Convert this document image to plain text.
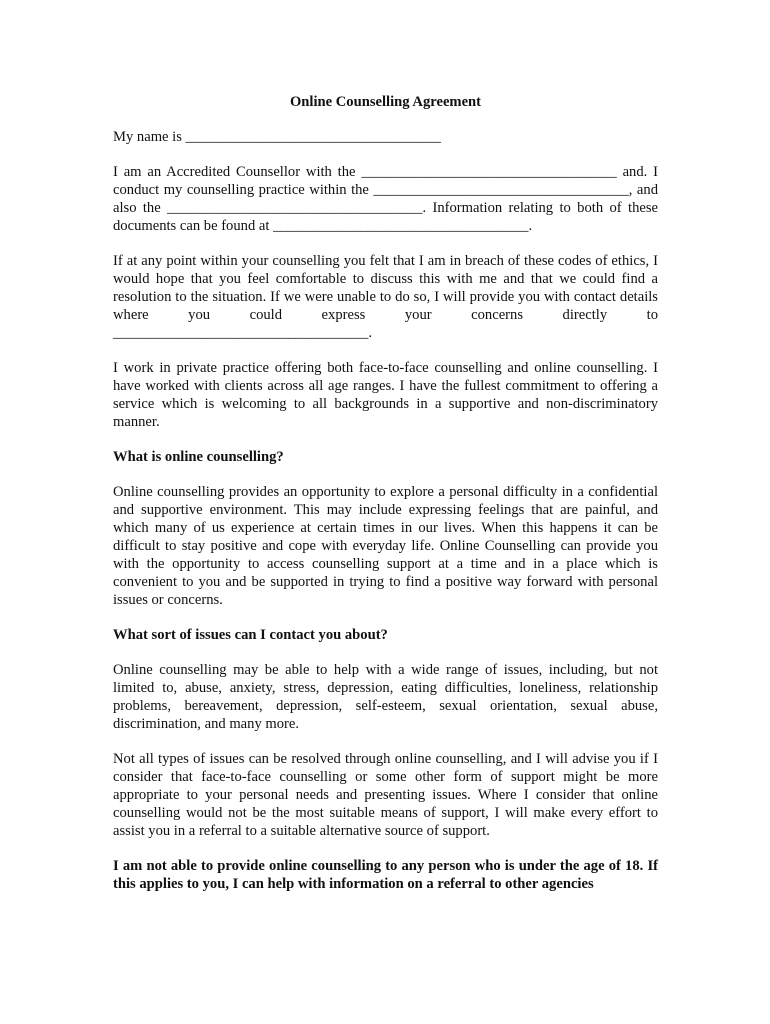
Online Counselling Agreement
My name is ___________________________________

I am an Accredited Counsellor with the ___________________________________ and. I conduct my counselling practice within the ___________________________________, and also the ___________________________________. Information relating to both of these documents can be found at ___________________________________.

If at any point within your counselling you felt that I am in breach of these codes of ethics, I would hope that you feel comfortable to discuss this with me and that we could find a resolution to the situation. If we were unable to do so, I will provide you with contact details where you could express your concerns directly to ___________________________________.

I work in private practice offering both face-to-face counselling and online counselling. I have worked with clients across all age ranges. I have the fullest commitment to offering a service which is welcoming to all backgrounds in a supportive and non-discriminatory manner.

What is online counselling?

Online counselling provides an opportunity to explore a personal difficulty in a confidential and supportive environment. This may include expressing feelings that are painful, and which many of us experience at certain times in our lives. When this happens it can be difficult to stay positive and cope with everyday life. Online Counselling can provide you with the opportunity to access counselling support at a time and in a place which is convenient to you and be supported in trying to find a positive way forward with personal issues or concerns.

What sort of issues can I contact you about?

Online counselling may be able to help with a wide range of issues, including, but not limited to, abuse, anxiety, stress, depression, eating difficulties, loneliness, relationship problems, bereavement, depression, self-esteem, sexual orientation, sexual abuse, discrimination, and many more.

Not all types of issues can be resolved through online counselling, and I will advise you if I consider that face-to-face counselling or some other form of support might be more appropriate to your personal needs and presenting issues. Where I consider that online counselling would not be the most suitable means of support, I will make every effort to assist you in a referral to a suitable alternative source of support.

I am not able to provide online counselling to any person who is under the age of 18. If this applies to you, I can help with information on a referral to other agencies
